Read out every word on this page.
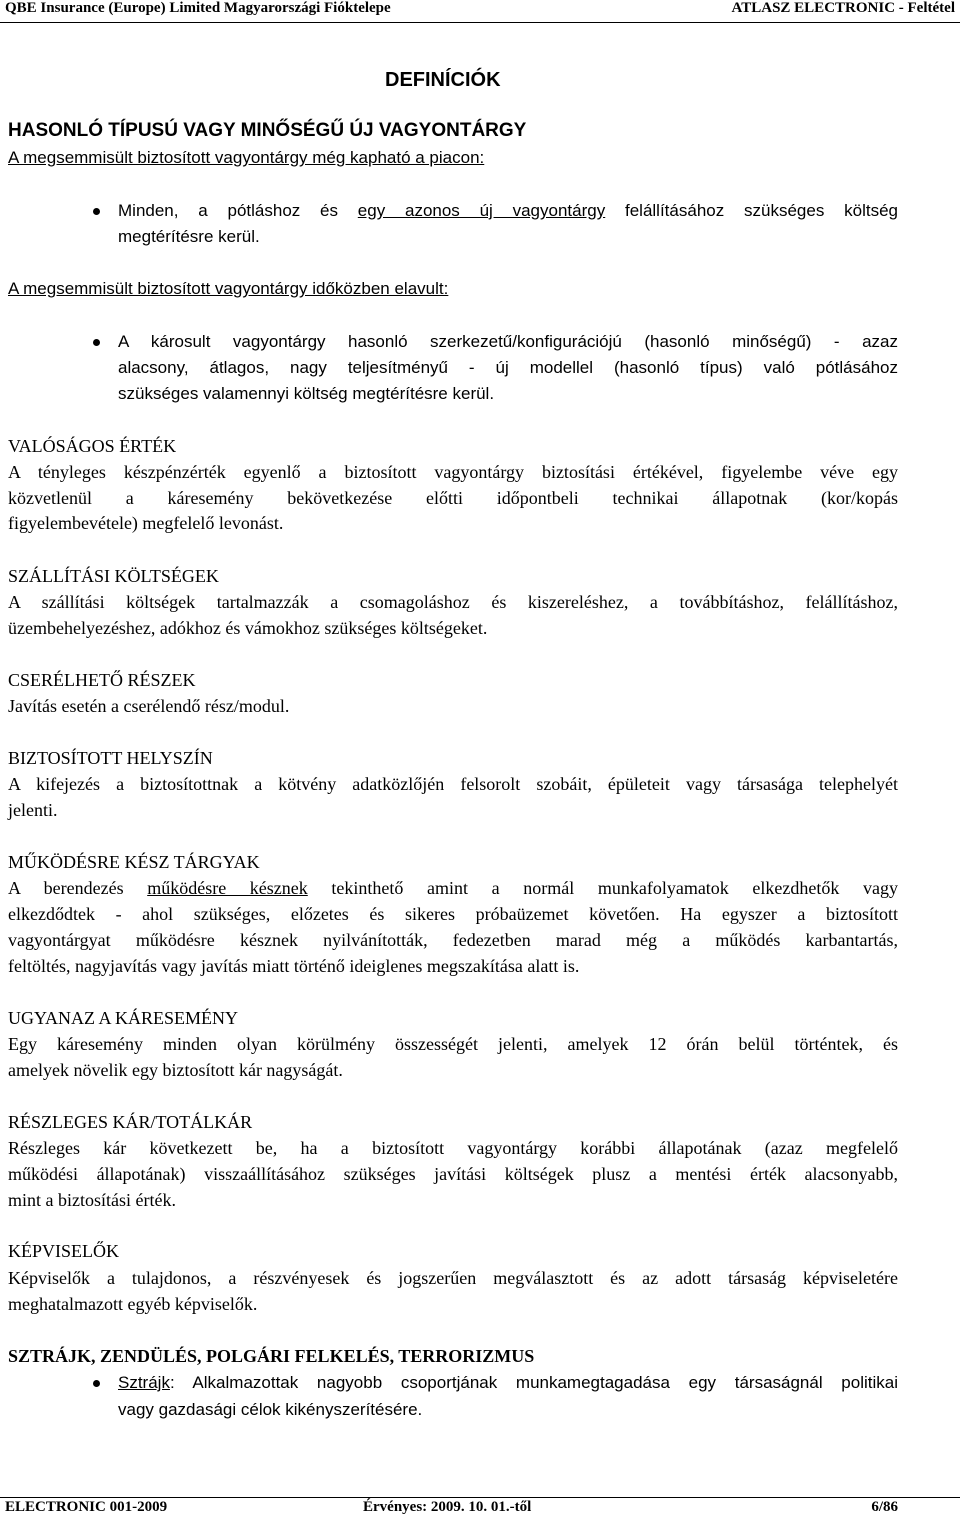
QBE Insurance (Europe) Limited Magyarországi Fióktelepe	ATLASZ ELECTRONIC - Feltétel
DEFINÍCIÓK
HASONLÓ TÍPUSÚ VAGY MINŐSÉGŰ ÚJ VAGYONTÁRGY
A megsemmisült biztosított vagyontárgy még kapható a piacon:
Minden, a pótláshoz és egy azonos új vagyontárgy felállításához szükséges költség
megtérítésre kerül.
A megsemmisült biztosított vagyontárgy időközben elavult:
A károsult vagyontárgy hasonló szerkezetű/konfigurációjú (hasonló minőségű) - azaz
alacsony, átlagos, nagy teljesítményű - új modellel (hasonló típus) való pótlásához
szükséges valamennyi költség megtérítésre kerül.
VALÓSÁGOS ÉRTÉK
A tényleges készpénzérték egyenlő a biztosított vagyontárgy biztosítási értékével, figyelembe véve egy
közvetlenül a káresemény bekövetkezése előtti időpontbeli technikai állapotnak (kor/kopás
figyelembevétele) megfelelő levonást.
SZÁLLÍTÁSI KÖLTSÉGEK
A szállítási költségek tartalmazzák a csomagoláshoz és kiszereléshez, a továbbításhoz, felállításhoz,
üzembehelyezéshez, adókhoz és vámokhoz szükséges költségeket.
CSERÉLHETŐ RÉSZEK
Javítás esetén a cserélendő rész/modul.
BIZTOSÍTOTT HELYSZÍN
A kifejezés a biztosítottnak a kötvény adatközlőjén felsorolt szobáit, épületeit vagy társasága telephelyét
jelenti.
MŰKÖDÉSRE KÉSZ TÁRGYAK
A berendezés működésre késznek tekinthető amint a normál munkafolyamatok elkezdhetők vagy
elkezdődtek - ahol szükséges, előzetes és sikeres próbaüzemet követően. Ha egyszer a biztosított
vagyontárgyat működésre késznek nyilvánították, fedezetben marad még a működés karbantartás,
feltöltés, nagyjavítás vagy javítás miatt történő ideiglenes megszakítása alatt is.
UGYANAZ A KÁRESEMÉNY
Egy káresemény minden olyan körülmény összességét jelenti, amelyek 12 órán belül történtek, és
amelyek növelik egy biztosított kár nagyságát.
RÉSZLEGES KÁR/TOTÁLKÁR
Részleges kár következett be, ha a biztosított vagyontárgy korábbi állapotának (azaz megfelelő
működési állapotának) visszaállításához szükséges javítási költségek plusz a mentési érték alacsonyabb,
mint a biztosítási érték.
KÉPVISELŐK
Képviselők a tulajdonos, a részvényesek és jogszerűen megválasztott és az adott társaság képviseletére
meghatalmazott egyéb képviselők.
SZTRÁJK, ZENDÜLÉS, POLGÁRI FELKELÉS, TERRORIZMUS
Sztrájk: Alkalmazottak nagyobb csoportjának munkamegtagadása egy társaságnál politikai
vagy gazdasági célok kikényszerítésére.
ELECTRONIC 001-2009	Érvényes: 2009. 10. 01.-től	6/86
